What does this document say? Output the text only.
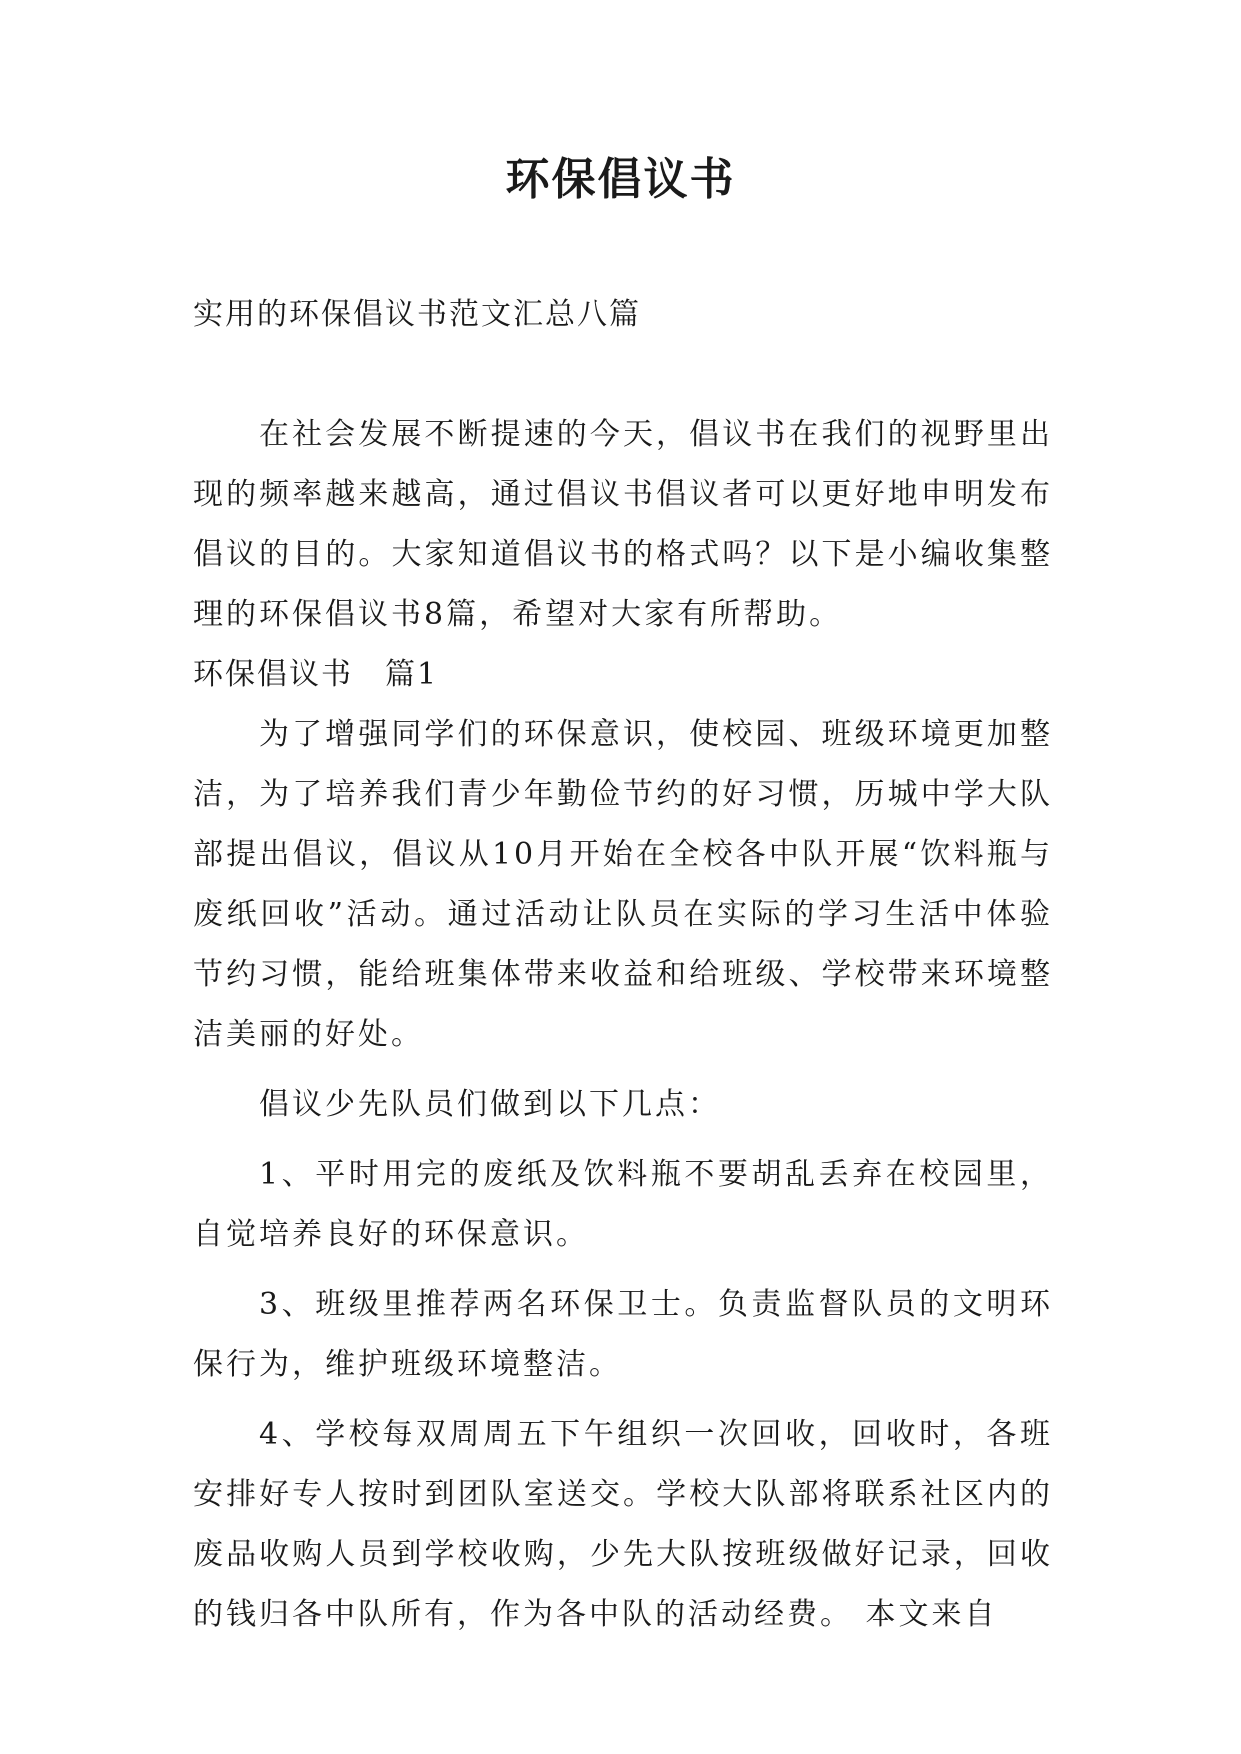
环保倡议书

实用的环保倡议书范文汇总八篇

在社会发展不断提速的今天，倡议书在我们的视野里出现的频率越来越高，通过倡议书倡议者可以更好地申明发布倡议的目的。大家知道倡议书的格式吗？以下是小编收集整理的环保倡议书8篇，希望对大家有所帮助。

环保倡议书　篇1

为了增强同学们的环保意识，使校园、班级环境更加整洁，为了培养我们青少年勤俭节约的好习惯，历城中学大队部提出倡议，倡议从10月开始在全校各中队开展“饮料瓶与废纸回收”活动。通过活动让队员在实际的学习生活中体验节约习惯，能给班集体带来收益和给班级、学校带来环境整洁美丽的好处。

倡议少先队员们做到以下几点：

1、平时用完的废纸及饮料瓶不要胡乱丢弃在校园里，自觉培养良好的环保意识。

3、班级里推荐两名环保卫士。负责监督队员的文明环保行为，维护班级环境整洁。

4、学校每双周周五下午组织一次回收，回收时，各班安排好专人按时到团队室送交。学校大队部将联系社区内的废品收购人员到学校收购，少先大队按班级做好记录，回收的钱归各中队所有，作为各中队的活动经费。 本文来自
